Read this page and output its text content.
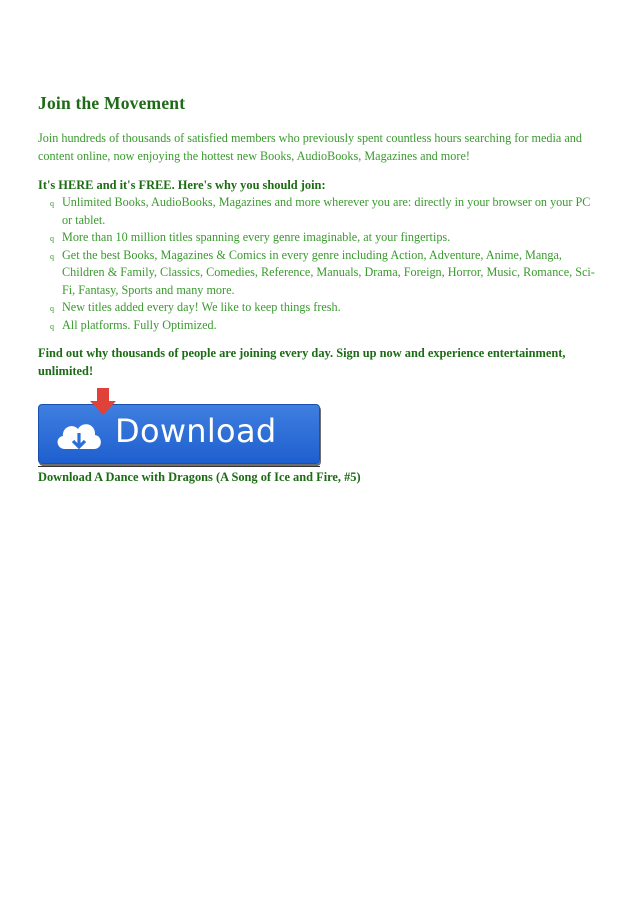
Join the Movement
Join hundreds of thousands of satisfied members who previously spent countless hours searching for media and content online, now enjoying the hottest new Books, AudioBooks, Magazines and more!
It's HERE and it's FREE. Here's why you should join:
q Unlimited Books, AudioBooks, Magazines and more wherever you are: directly in your browser on your PC or tablet.
q More than 10 million titles spanning every genre imaginable, at your fingertips.
q Get the best Books, Magazines & Comics in every genre including Action, Adventure, Anime, Manga, Children & Family, Classics, Comedies, Reference, Manuals, Drama, Foreign, Horror, Music, Romance, Sci-Fi, Fantasy, Sports and many more.
q New titles added every day! We like to keep things fresh.
q All platforms. Fully Optimized.
Find out why thousands of people are joining every day. Sign up now and experience entertainment, unlimited!
Download
Download A Dance with Dragons (A Song of Ice and Fire, #5)
